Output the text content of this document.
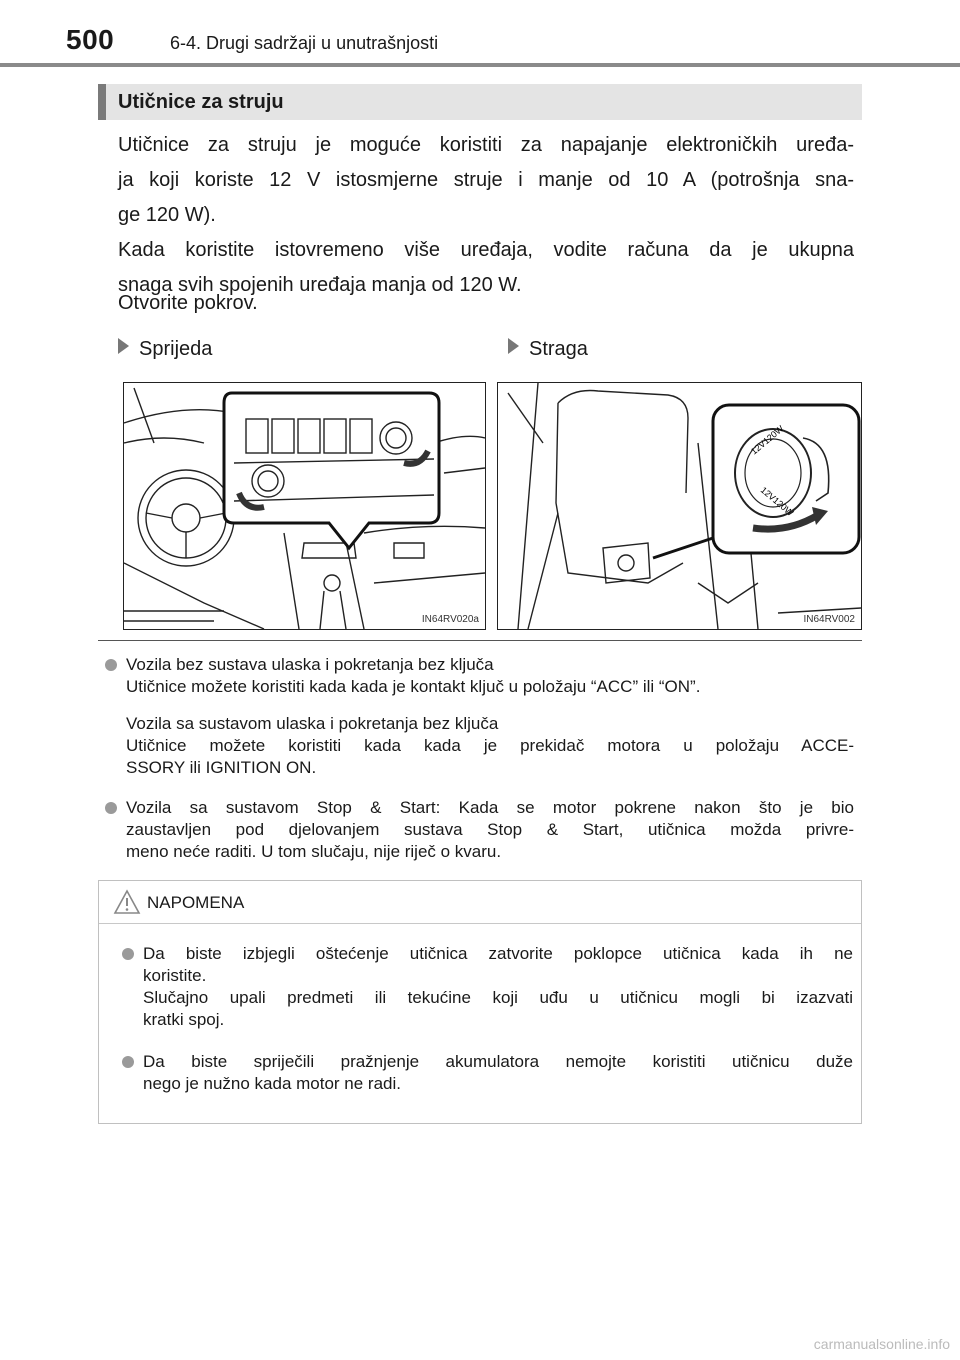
500	6-4. Drugi sadržaji u unutrašnjosti
Utičnice za struju

Utičnice za struju je moguće koristiti za napajanje elektroničkih uređa-

ja koji koriste 12 V istosmjerne struje i manje od 10 A (potrošnja sna-

ge 120 W).

Kada koristite istovremeno više uređaja, vodite računa da je ukupna

snaga svih spojenih uređaja manja od 120 W.

Otvorite pokrov.
Sprijeda	Straga
IN64RV020a
12V120W
12V120W
IN64RV002
Vozila bez sustava ulaska i pokretanja bez ključa
Utičnice možete koristiti kada kada je kontakt ključ u položaju “ACC” ili “ON”.
Vozila sa sustavom ulaska i pokretanja bez ključa
Utičnice možete koristiti kada kada je prekidač motora u položaju ACCE-
SSORY ili IGNITION ON.
Vozila sa sustavom Stop & Start: Kada se motor pokrene nakon što je bio
zaustavljen pod djelovanjem sustava Stop & Start, utičnica možda privre-
meno neće raditi. U tom slučaju, nije riječ o kvaru.
NAPOMENA
Da biste izbjegli oštećenje utičnica zatvorite poklopce utičnica kada ih ne
koristite.
Slučajno upali predmeti ili tekućine koji uđu u utičnicu mogli bi izazvati
kratki spoj.
Da biste spriječili pražnjenje akumulatora nemojte koristiti utičnicu duže
nego je nužno kada motor ne radi.
carmanualsonline.info
